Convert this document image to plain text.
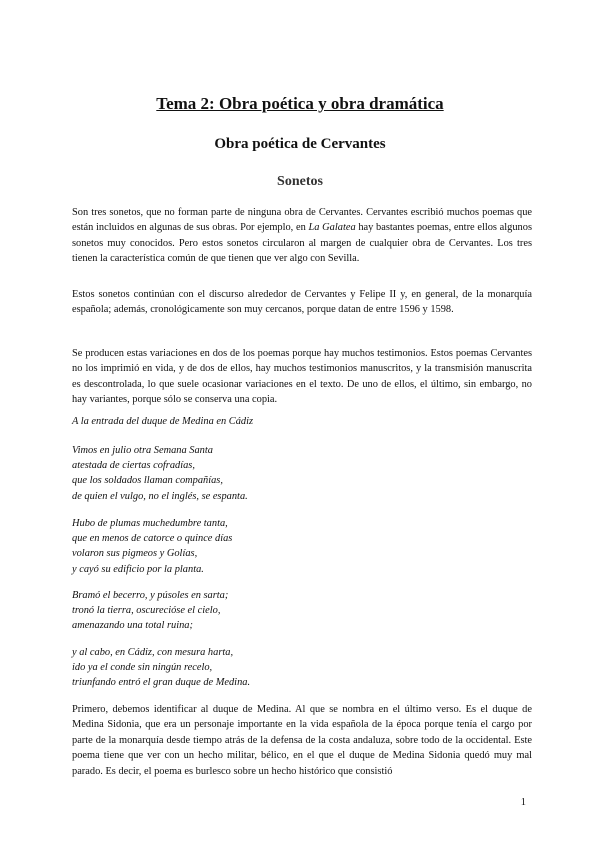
Tema 2: Obra poética y obra dramática
Obra poética de Cervantes
Sonetos

Son tres sonetos, que no forman parte de ninguna obra de Cervantes. Cervantes escribió muchos poemas que están incluidos en algunas de sus obras. Por ejemplo, en La Galatea hay bastantes poemas, entre ellos algunos sonetos muy conocidos. Pero estos sonetos circularon al margen de cualquier obra de Cervantes. Los tres tienen la característica común de que tienen que ver algo con Sevilla.

Estos sonetos continúan con el discurso alrededor de Cervantes y Felipe II y, en general, de la monarquía española; además, cronológicamente son muy cercanos, porque datan de entre 1596 y 1598.

Se producen estas variaciones en dos de los poemas porque hay muchos testimonios. Estos poemas Cervantes no los imprimió en vida, y de dos de ellos, hay muchos testimonios manuscritos, y la transmisión manuscrita es descontrolada, lo que suele ocasionar variaciones en el texto. De uno de ellos, el último, sin embargo, no hay variantes, porque sólo se conserva una copia.

A la entrada del duque de Medina en Cádiz

Vimos en julio otra Semana Santa
atestada de ciertas cofradías,
que los soldados llaman compañías,
de quien el vulgo, no el inglés, se espanta.
Hubo de plumas muchedumbre tanta,
que en menos de catorce o quince días
volaron sus pigmeos y Golías,
y cayó su edificio por la planta.
Bramó el becerro, y púsoles en sarta;
tronó la tierra, oscurecióse el cielo,
amenazando una total ruina;
y al cabo, en Cádiz, con mesura harta,
ido ya el conde sin ningún recelo,
triunfando entró el gran duque de Medina.

Primero, debemos identificar al duque de Medina. Al que se nombra en el último verso. Es el duque de Medina Sidonia, que era un personaje importante en la vida española de la época porque tenía el cargo por parte de la monarquía desde tiempo atrás de la defensa de la costa andaluza, sobre todo de la occidental. Este poema tiene que ver con un hecho militar, bélico, en el que el duque de Medina Sidonia quedó muy mal parado. Es decir, el poema es burlesco sobre un hecho histórico que consistió

1
